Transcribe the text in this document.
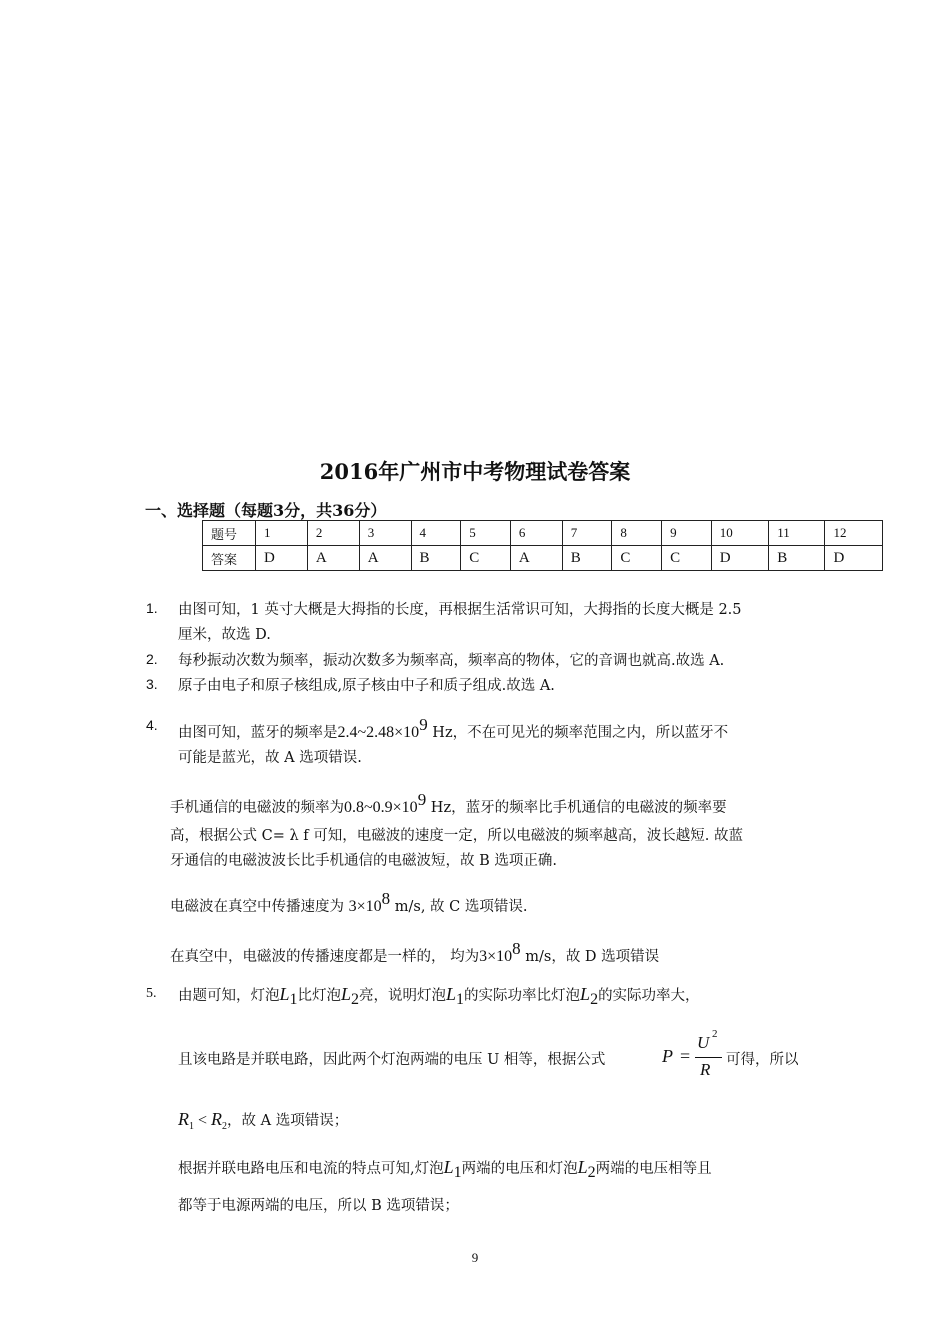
2016年广州市中考物理试卷答案
一、选择题（每题3分，共36分）
题号	1	2	3	4	5	6	7	8	9	10	11	12
答案	D	A	A	B	C	A	B	C	C	D	B	D
1. 由图可知，1 英寸大概是大拇指的长度，再根据生活常识可知，大拇指的长度大概是 2.5
厘米，故选 D.
2. 每秒振动次数为频率，振动次数多为频率高，频率高的物体，它的音调也就高.故选 A.
3. 原子由电子和原子核组成,原子核由中子和质子组成.故选 A.
4. 由图可知，蓝牙的频率是$2.4\sim 2.48\times 10^9$ Hz，不在可见光的频率范围之内，所以蓝牙不
可能是蓝光，故 A 选项错误.
手机通信的电磁波的频率为$0.8\sim 0.9\times 10^9$ Hz，蓝牙的频率比手机通信的电磁波的频率要
高，根据公式 C= λ f 可知，电磁波的速度一定，所以电磁波的频率越高，波长越短. 故蓝
牙通信的电磁波波长比手机通信的电磁波短，故 B 选项正确.
电磁波在真空中传播速度为 $3\times 10^8$ m/s, 故 C 选项错误.
在真空中，电磁波的传播速度都是一样的， 均为$3\times 10^8$ m/s，故 D 选项错误
5. 由题可知，灯泡$L_1$比灯泡$L_2$亮，说明灯泡$L_1$的实际功率比灯泡$L_2$的实际功率大，
且该电路是并联电路，因此两个灯泡两端的电压 U 相等，根据公式	P =
U 2
R 可得，所以
$R_1 < R_2$，故 A 选项错误；
根据并联电路电压和电流的特点可知,灯泡$L_1$两端的电压和灯泡$L_2$两端的电压相等且
都等于电源两端的电压，所以 B 选项错误；
9
